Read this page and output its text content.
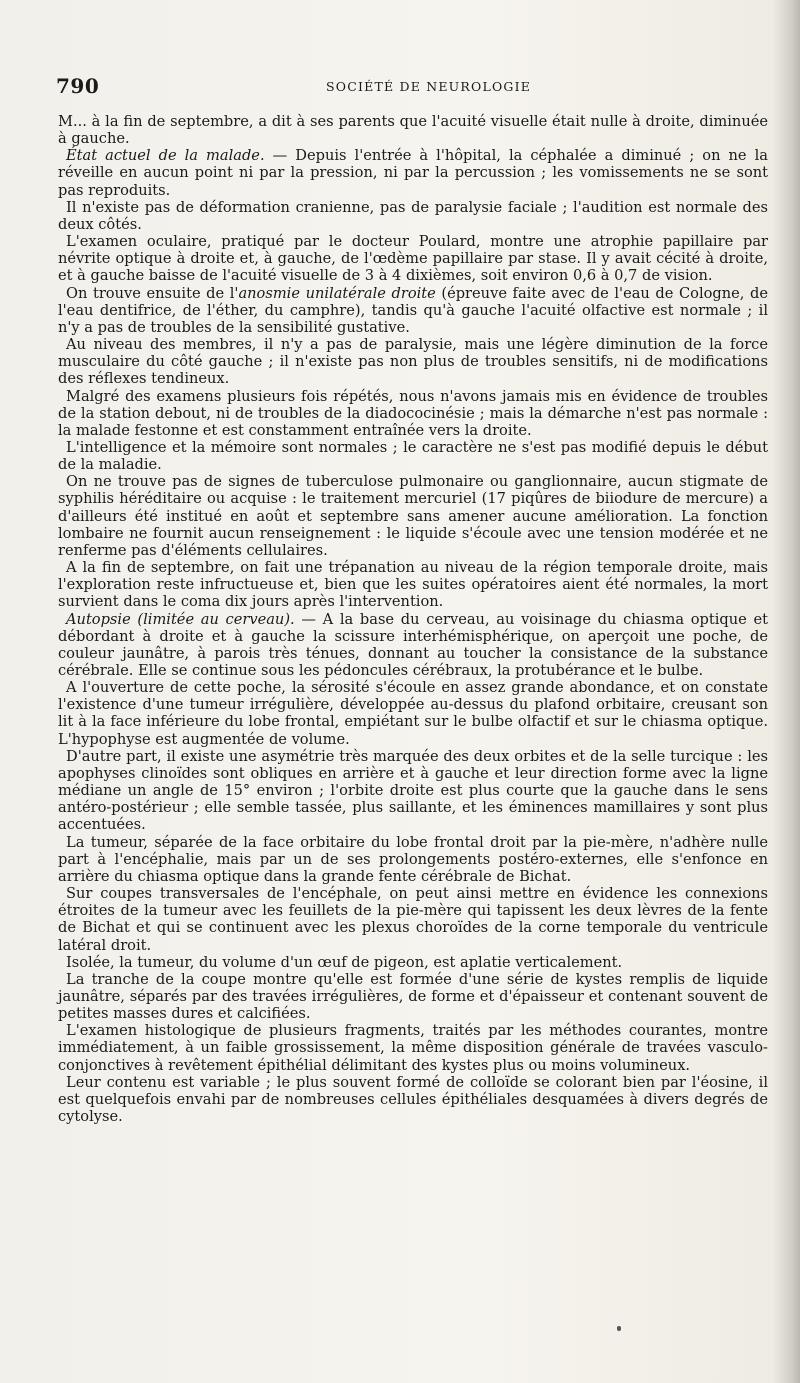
790	SOCIÉTÉ DE NEUROLOGIE

M... à la fin de septembre, a dit à ses parents que l'acuité visuelle était nulle à droite, diminuée à gauche.

État actuel de la malade. — Depuis l'entrée à l'hôpital, la céphalée a diminué ; on ne la réveille en aucun point ni par la pression, ni par la percussion ; les vomissements ne se sont pas reproduits.

Il n'existe pas de déformation cranienne, pas de paralysie faciale ; l'audition est normale des deux côtés.

L'examen oculaire, pratiqué par le docteur Poulard, montre une atrophie papillaire par névrite optique à droite et, à gauche, de l'œdème papillaire par stase. Il y avait cécité à droite, et à gauche baisse de l'acuité visuelle de 3 à 4 dixièmes, soit environ 0,6 à 0,7 de vision.

On trouve ensuite de l'anosmie unilatérale droite (épreuve faite avec de l'eau de Cologne, de l'eau dentifrice, de l'éther, du camphre), tandis qu'à gauche l'acuité olfactive est normale ; il n'y a pas de troubles de la sensibilité gustative.

Au niveau des membres, il n'y a pas de paralysie, mais une légère diminution de la force musculaire du côté gauche ; il n'existe pas non plus de troubles sensitifs, ni de modifications des réflexes tendineux.

Malgré des examens plusieurs fois répétés, nous n'avons jamais mis en évidence de troubles de la station debout, ni de troubles de la diadococinésie ; mais la démarche n'est pas normale : la malade festonne et est constamment entraînée vers la droite.

L'intelligence et la mémoire sont normales ; le caractère ne s'est pas modifié depuis le début de la maladie.

On ne trouve pas de signes de tuberculose pulmonaire ou ganglionnaire, aucun stigmate de syphilis héréditaire ou acquise : le traitement mercuriel (17 piqûres de biiodure de mercure) a d'ailleurs été institué en août et septembre sans amener aucune amélioration. La fonction lombaire ne fournit aucun renseignement : le liquide s'écoule avec une tension modérée et ne renferme pas d'éléments cellulaires.

A la fin de septembre, on fait une trépanation au niveau de la région temporale droite, mais l'exploration reste infructueuse et, bien que les suites opératoires aient été normales, la mort survient dans le coma dix jours après l'intervention.

Autopsie (limitée au cerveau). — A la base du cerveau, au voisinage du chiasma optique et débordant à droite et à gauche la scissure interhémisphérique, on aperçoit une poche, de couleur jaunâtre, à parois très ténues, donnant au toucher la consistance de la substance cérébrale. Elle se continue sous les pédoncules cérébraux, la protubérance et le bulbe.

A l'ouverture de cette poche, la sérosité s'écoule en assez grande abondance, et on constate l'existence d'une tumeur irrégulière, développée au-dessus du plafond orbitaire, creusant son lit à la face inférieure du lobe frontal, empiétant sur le bulbe olfactif et sur le chiasma optique. L'hypophyse est augmentée de volume.

D'autre part, il existe une asymétrie très marquée des deux orbites et de la selle turcique : les apophyses clinoïdes sont obliques en arrière et à gauche et leur direction forme avec la ligne médiane un angle de 15° environ ; l'orbite droite est plus courte que la gauche dans le sens antéro-postérieur ; elle semble tassée, plus saillante, et les éminences mamillaires y sont plus accentuées.

La tumeur, séparée de la face orbitaire du lobe frontal droit par la pie-mère, n'adhère nulle part à l'encéphalie, mais par un de ses prolongements postéro-externes, elle s'enfonce en arrière du chiasma optique dans la grande fente cérébrale de Bichat.

Sur coupes transversales de l'encéphale, on peut ainsi mettre en évidence les connexions étroites de la tumeur avec les feuillets de la pie-mère qui tapissent les deux lèvres de la fente de Bichat et qui se continuent avec les plexus choroïdes de la corne temporale du ventricule latéral droit.

Isolée, la tumeur, du volume d'un œuf de pigeon, est aplatie verticalement.

La tranche de la coupe montre qu'elle est formée d'une série de kystes remplis de liquide jaunâtre, séparés par des travées irrégulières, de forme et d'épaisseur et contenant souvent de petites masses dures et calcifiées.

L'examen histologique de plusieurs fragments, traités par les méthodes courantes, montre immédiatement, à un faible grossissement, la même disposition générale de travées vasculo-conjonctives à revêtement épithélial délimitant des kystes plus ou moins volumineux.

Leur contenu est variable ; le plus souvent formé de colloïde se colorant bien par l'éosine, il est quelquefois envahi par de nombreuses cellules épithéliales desquamées à divers degrés de cytolyse.
